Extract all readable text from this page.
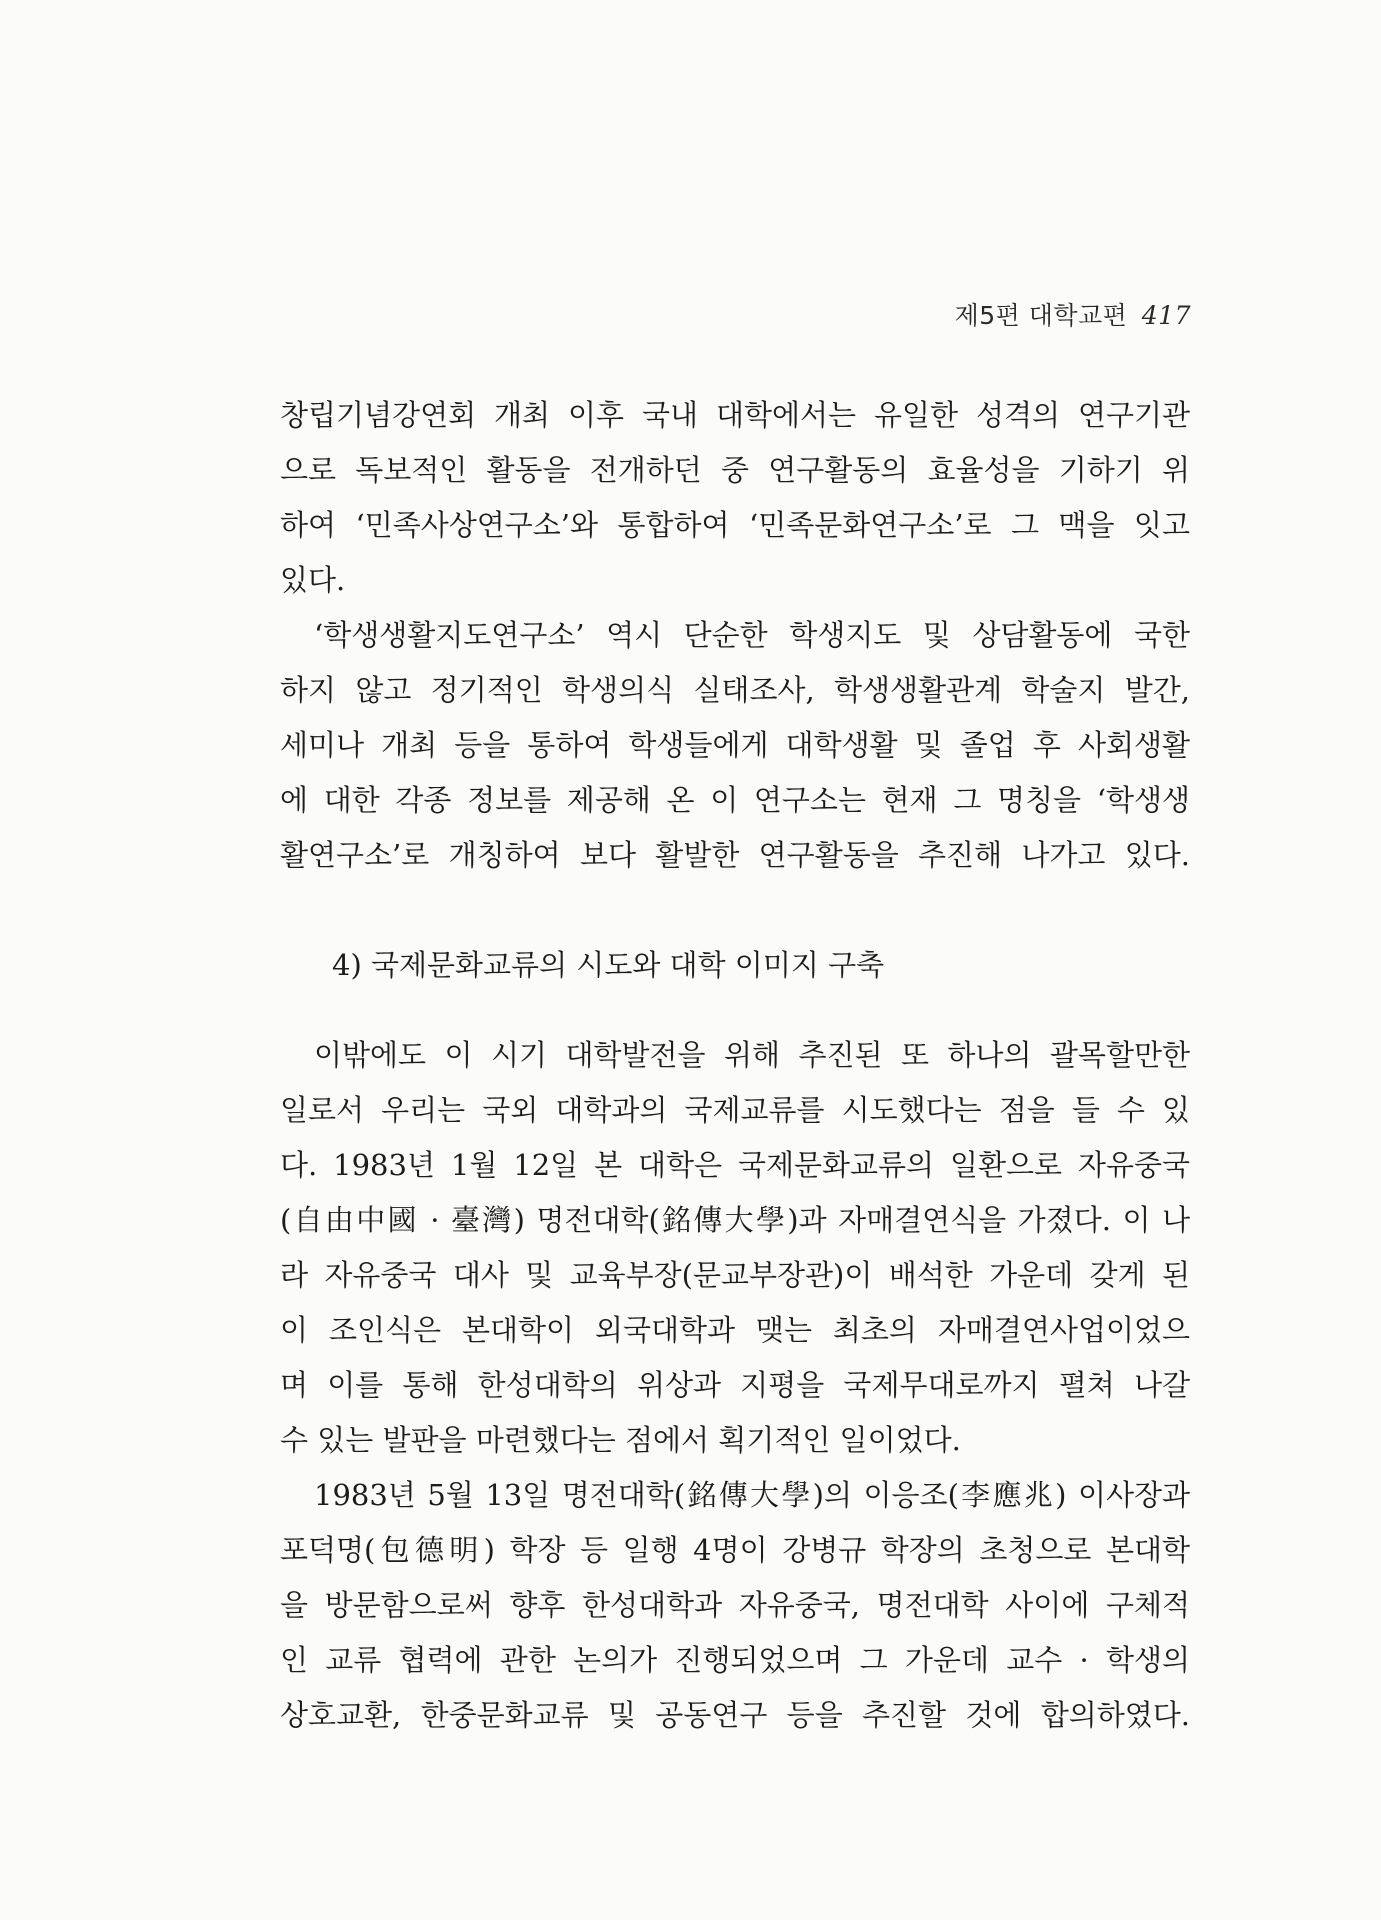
제5편 대학교편 417
창립기념강연회 개최 이후 국내 대학에서는 유일한 성격의 연구기관
으로 독보적인 활동을 전개하던 중 연구활동의 효율성을 기하기 위
하여 ‘민족사상연구소’와 통합하여 ‘민족문화연구소’로 그 맥을 잇고
있다.
‘학생생활지도연구소’ 역시 단순한 학생지도 및 상담활동에 국한
하지 않고 정기적인 학생의식 실태조사, 학생생활관계 학술지 발간,
세미나 개최 등을 통하여 학생들에게 대학생활 및 졸업 후 사회생활
에 대한 각종 정보를 제공해 온 이 연구소는 현재 그 명칭을 ‘학생생
활연구소’로 개칭하여 보다 활발한 연구활동을 추진해 나가고 있다.
4) 국제문화교류의 시도와 대학 이미지 구축
이밖에도 이 시기 대학발전을 위해 추진된 또 하나의 괄목할만한
일로서 우리는 국외 대학과의 국제교류를 시도했다는 점을 들 수 있
다. 1983년 1월 12일 본 대학은 국제문화교류의 일환으로 자유중국
(自由中國 · 臺灣) 명전대학(銘傳大學)과 자매결연식을 가졌다. 이 나
라 자유중국 대사 및 교육부장(문교부장관)이 배석한 가운데 갖게 된
이 조인식은 본대학이 외국대학과 맺는 최초의 자매결연사업이었으
며 이를 통해 한성대학의 위상과 지평을 국제무대로까지 펼쳐 나갈
수 있는 발판을 마련했다는 점에서 획기적인 일이었다.
1983년 5월 13일 명전대학(銘傳大學)의 이응조(李應兆) 이사장과
포덕명(包德明) 학장 등 일행 4명이 강병규 학장의 초청으로 본대학
을 방문함으로써 향후 한성대학과 자유중국, 명전대학 사이에 구체적
인 교류 협력에 관한 논의가 진행되었으며 그 가운데 교수 · 학생의
상호교환, 한중문화교류 및 공동연구 등을 추진할 것에 합의하였다.
